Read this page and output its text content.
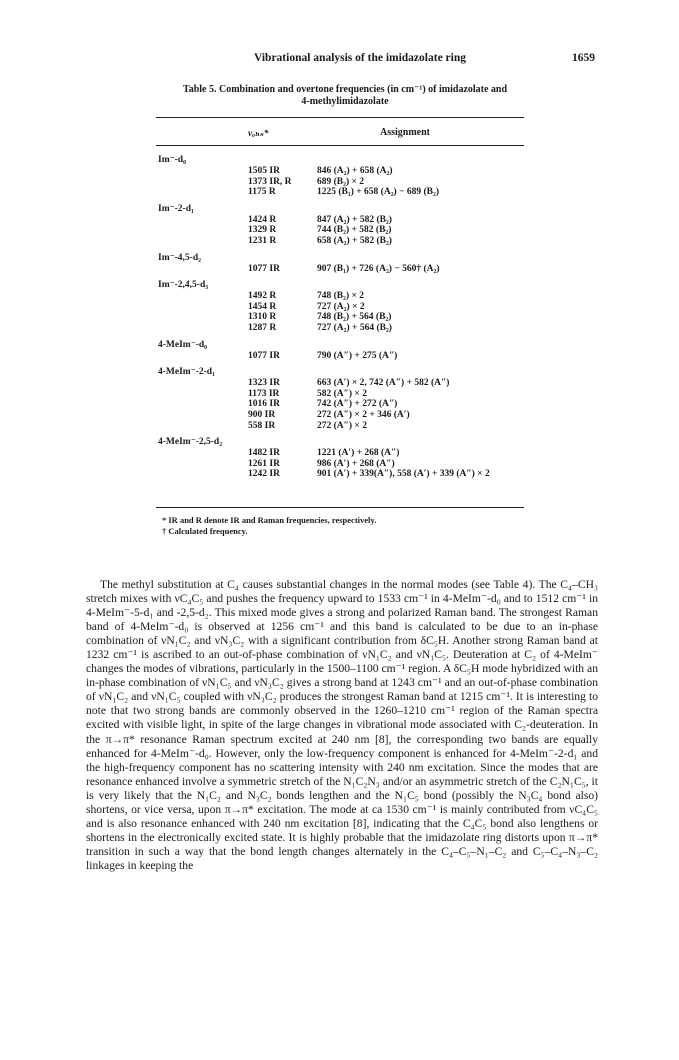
Vibrational analysis of the imidazolate ring	1659
Table 5. Combination and overtone frequencies (in cm⁻¹) of imidazolate and
4-methylimidazolate
νₒₕₛ*	Assignment
Im⁻-d₀
1505 IR	846 (A₂) + 658 (A₂)
1373 IR, R	689 (B₂) × 2
1175 R	1225 (B₁) + 658 (A₂) − 689 (B₂)
Im⁻-2-d₁
1424 R	847 (A₂) + 582 (B₂)
1329 R	744 (B₂) + 582 (B₂)
1231 R	658 (A₂) + 582 (B₂)
Im⁻-4,5-d₂
1077 IR	907 (B₁) + 726 (A₂) − 560† (A₂)
Im⁻-2,4,5-d₃
1492 R	748 (B₂) × 2
1454 R	727 (A₂) × 2
1310 R	748 (B₂) + 564 (B₂)
1287 R	727 (A₂) + 564 (B₂)
4-MeIm⁻-d₀
1077 IR	790 (A″) + 275 (A″)
4-MeIm⁻-2-d₁
1323 IR	663 (A′) × 2, 742 (A″) + 582 (A″)
1173 IR	582 (A″) × 2
1016 IR	742 (A″) + 272 (A″)
900 IR	272 (A″) × 2 + 346 (A′)
558 IR	272 (A″) × 2
4-MeIm⁻-2,5-d₂
1482 IR	1221 (A′) + 268 (A″)
1261 IR	986 (A′) + 268 (A″)
1242 IR	901 (A′) + 339(A″), 558 (A′) + 339 (A″) × 2
* IR and R denote IR and Raman frequencies, respectively.
† Calculated frequency.

The methyl substitution at C₄ causes substantial changes in the normal modes (see Table 4). The C₄–CH₃ stretch mixes with νC₄C₅ and pushes the frequency upward to 1533 cm⁻¹ in 4-MeIm⁻-d₀ and to 1512 cm⁻¹ in 4-MeIm⁻-5-d₁ and -2,5-d₂. This mixed mode gives a strong and polarized Raman band. The strongest Raman band of 4-MeIm⁻-d₀ is observed at 1256 cm⁻¹ and this band is calculated to be due to an in-phase combination of νN₁C₂ and νN₃C₂ with a significant contribution from δC₅H. Another strong Raman band at 1232 cm⁻¹ is ascribed to an out-of-phase combination of νN₁C₂ and νN₁C₅. Deuteration at C₂ of 4-MeIm⁻ changes the modes of vibrations, particularly in the 1500–1100 cm⁻¹ region. A δC₅H mode hybridized with an in-phase combination of νN₁C₅ and νN₃C₂ gives a strong band at 1243 cm⁻¹ and an out-of-phase combination of νN₁C₂ and νN₁C₅ coupled with νN₃C₂ produces the strongest Raman band at 1215 cm⁻¹. It is interesting to note that two strong bands are commonly observed in the 1260–1210 cm⁻¹ region of the Raman spectra excited with visible light, in spite of the large changes in vibrational mode associated with C₂-deuteration. In the π→π* resonance Raman spectrum excited at 240 nm [8], the corresponding two bands are equally enhanced for 4-MeIm⁻-d₀. However, only the low-frequency component is enhanced for 4-MeIm⁻-2-d₁ and the high-frequency component has no scattering intensity with 240 nm excitation. Since the modes that are resonance enhanced involve a symmetric stretch of the N₁C₂N₃ and/or an asymmetric stretch of the C₂N₁C₅, it is very likely that the N₁C₂ and N₃C₂ bonds lengthen and the N₁C₅ bond (possibly the N₃C₄ bond also) shortens, or vice versa, upon π→π* excitation. The mode at ca 1530 cm⁻¹ is mainly contributed from νC₄C₅ and is also resonance enhanced with 240 nm excitation [8], indicating that the C₄C₅ bond also lengthens or shortens in the electronically excited state. It is highly probable that the imidazolate ring distorts upon π→π* transition in such a way that the bond length changes alternately in the C₄–C₅–N₁–C₂ and C₅–C₄–N₃–C₂ linkages in keeping the
